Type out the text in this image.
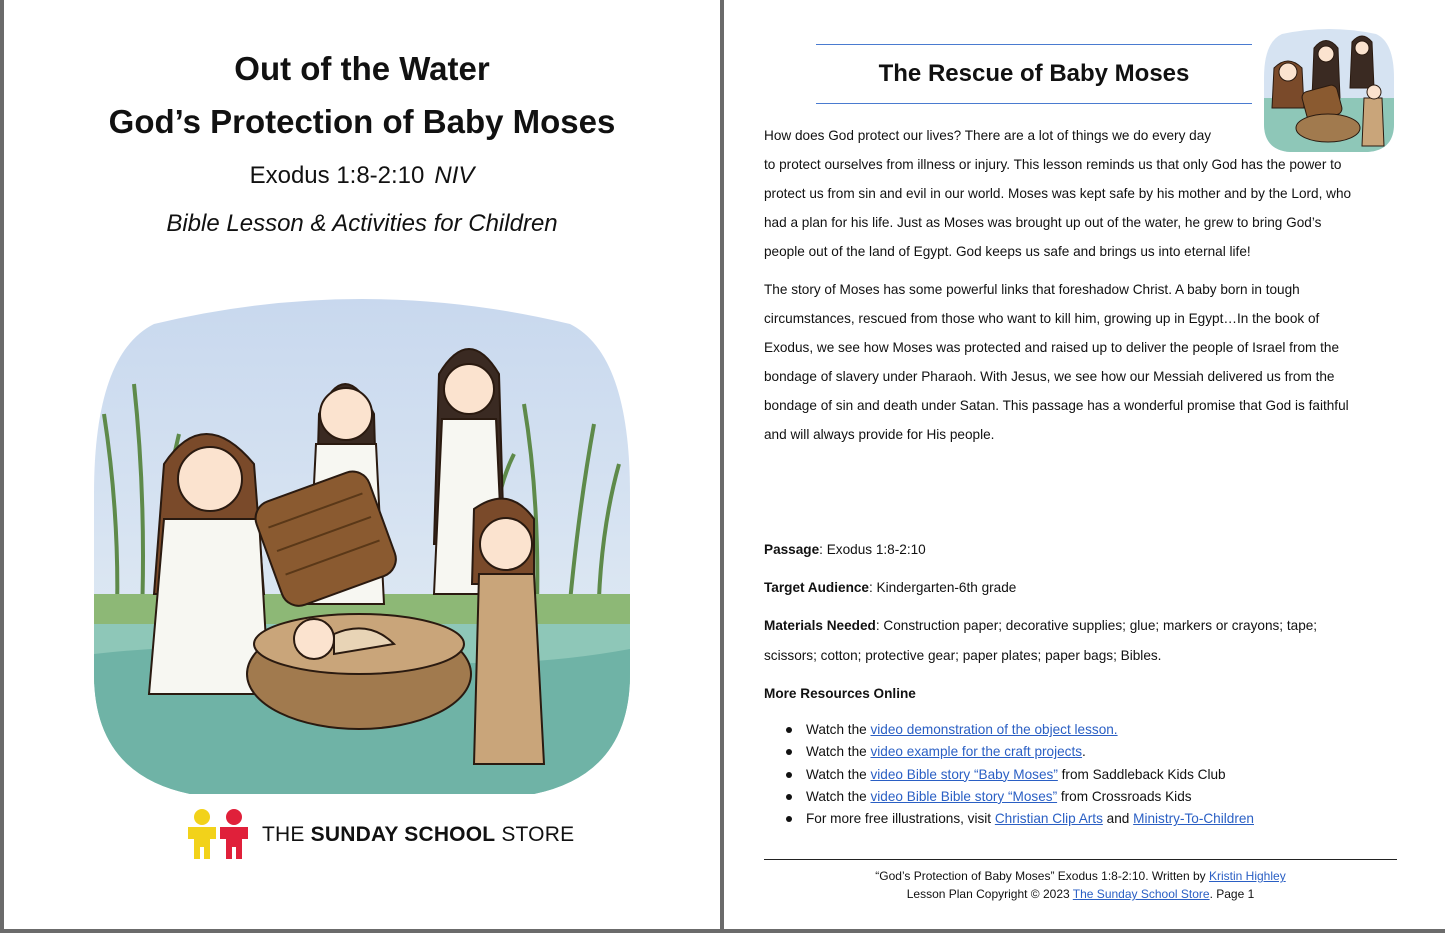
Out of the Water
God’s Protection of Baby Moses
Exodus 1:8-2:10 NIV
Bible Lesson & Activities for Children
THE SUNDAY SCHOOL STORE
The Rescue of Baby Moses
How does God protect our lives? There are a lot of things we do every day
to protect ourselves from illness or injury. This lesson reminds us that only God has the power to
protect us from sin and evil in our world. Moses was kept safe by his mother and by the Lord, who
had a plan for his life. Just as Moses was brought up out of the water, he grew to bring God’s
people out of the land of Egypt. God keeps us safe and brings us into eternal life!
The story of Moses has some powerful links that foreshadow Christ. A baby born in tough
circumstances, rescued from those who want to kill him, growing up in Egypt…In the book of
Exodus, we see how Moses was protected and raised up to deliver the people of Israel from the
bondage of slavery under Pharaoh. With Jesus, we see how our Messiah delivered us from the
bondage of sin and death under Satan. This passage has a wonderful promise that God is faithful
and will always provide for His people.
Passage: Exodus 1:8-2:10
Target Audience: Kindergarten-6th grade
Materials Needed: Construction paper; decorative supplies; glue; markers or crayons; tape;
scissors; cotton; protective gear; paper plates; paper bags; Bibles.
More Resources Online
Watch the video demonstration of the object lesson.
Watch the video example for the craft projects.
Watch the video Bible story “Baby Moses” from Saddleback Kids Club
Watch the video Bible Bible story “Moses” from Crossroads Kids
For more free illustrations, visit Christian Clip Arts and Ministry-To-Children
“God’s Protection of Baby Moses” Exodus 1:8-2:10. Written by Kristin Highley
Lesson Plan Copyright © 2023 The Sunday School Store. Page 1
